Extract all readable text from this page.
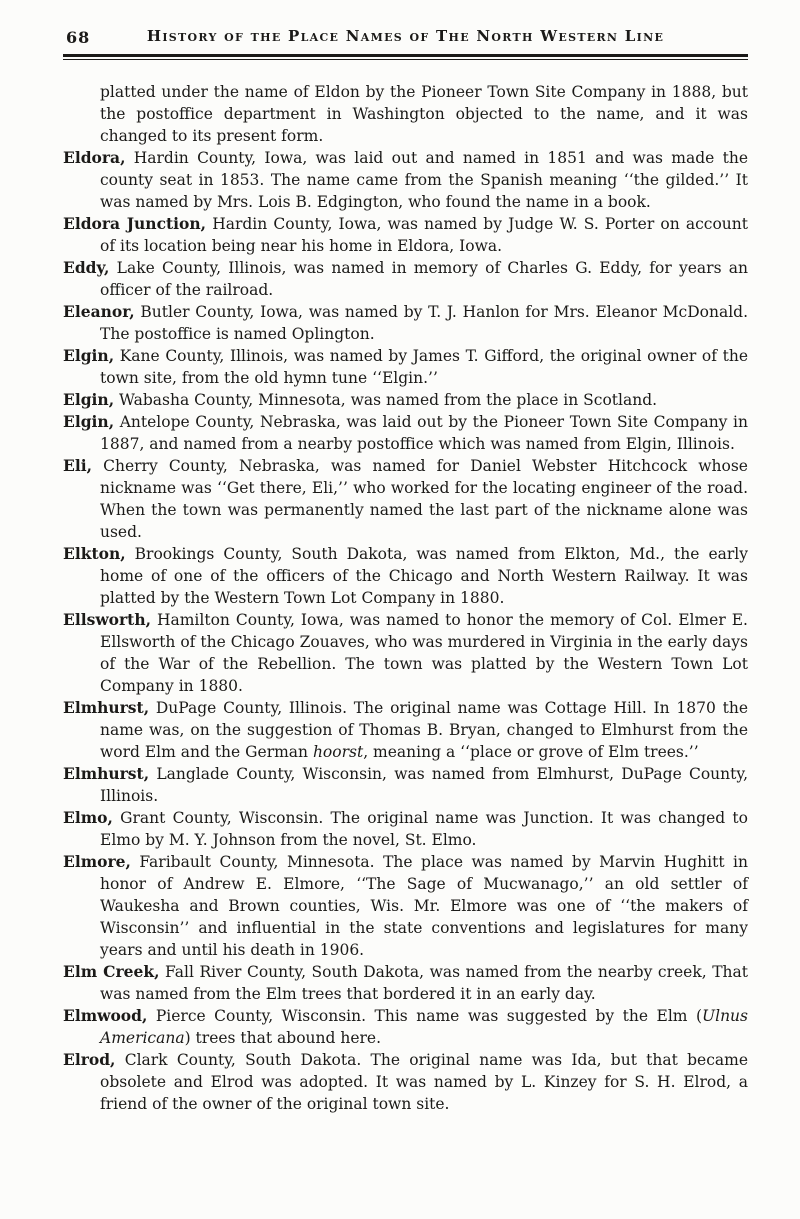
68	History of the Place Names of The North Western Line

platted under the name of Eldon by the Pioneer Town Site Company in 1888, but the postoffice department in Washington objected to the name, and it was changed to its present form.

Eldora, Hardin County, Iowa, was laid out and named in 1851 and was made the county seat in 1853. The name came from the Spanish meaning ‘‘the gilded.’’ It was named by Mrs. Lois B. Edgington, who found the name in a book.

Eldora Junction, Hardin County, Iowa, was named by Judge W. S. Porter on account of its location being near his home in Eldora, Iowa.

Eddy, Lake County, Illinois, was named in memory of Charles G. Eddy, for years an officer of the railroad.

Eleanor, Butler County, Iowa, was named by T. J. Hanlon for Mrs. Eleanor McDonald. The postoffice is named Oplington.

Elgin, Kane County, Illinois, was named by James T. Gifford, the original owner of the town site, from the old hymn tune ‘‘Elgin.’’

Elgin, Wabasha County, Minnesota, was named from the place in Scotland.

Elgin, Antelope County, Nebraska, was laid out by the Pioneer Town Site Company in 1887, and named from a nearby postoffice which was named from Elgin, Illinois.

Eli, Cherry County, Nebraska, was named for Daniel Webster Hitchcock whose nickname was ‘‘Get there, Eli,’’ who worked for the locating engineer of the road. When the town was permanently named the last part of the nickname alone was used.

Elkton, Brookings County, South Dakota, was named from Elkton, Md., the early home of one of the officers of the Chicago and North Western Railway. It was platted by the Western Town Lot Company in 1880.

Ellsworth, Hamilton County, Iowa, was named to honor the memory of Col. Elmer E. Ellsworth of the Chicago Zouaves, who was murdered in Virginia in the early days of the War of the Rebellion. The town was platted by the Western Town Lot Company in 1880.

Elmhurst, DuPage County, Illinois. The original name was Cottage Hill. In 1870 the name was, on the suggestion of Thomas B. Bryan, changed to Elmhurst from the word Elm and the German hoorst, meaning a ‘‘place or grove of Elm trees.’’

Elmhurst, Langlade County, Wisconsin, was named from Elmhurst, DuPage County, Illinois.

Elmo, Grant County, Wisconsin. The original name was Junction. It was changed to Elmo by M. Y. Johnson from the novel, St. Elmo.

Elmore, Faribault County, Minnesota. The place was named by Marvin Hughitt in honor of Andrew E. Elmore, ‘‘The Sage of Mucwanago,’’ an old settler of Waukesha and Brown counties, Wis. Mr. Elmore was one of ‘‘the makers of Wisconsin’’ and influential in the state conventions and legislatures for many years and until his death in 1906.

Elm Creek, Fall River County, South Dakota, was named from the nearby creek, That was named from the Elm trees that bordered it in an early day.

Elmwood, Pierce County, Wisconsin. This name was suggested by the Elm (Ulnus Americana) trees that abound here.

Elrod, Clark County, South Dakota. The original name was Ida, but that became obsolete and Elrod was adopted. It was named by L. Kinzey for S. H. Elrod, a friend of the owner of the original town site.
